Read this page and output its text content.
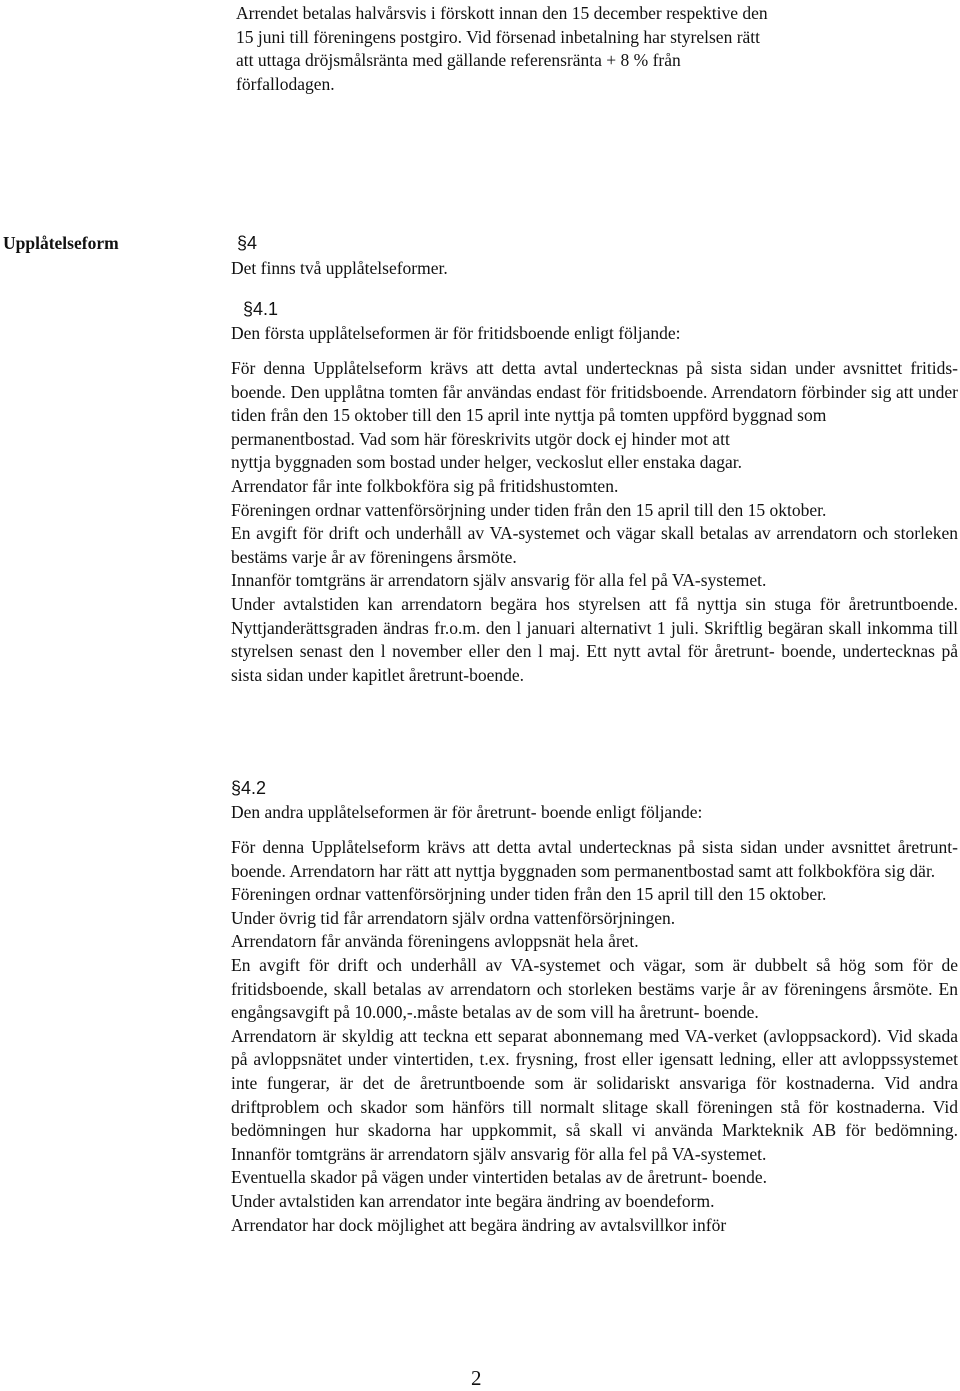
Arrendet betalas halvårsvis i förskott innan den 15 december respektive den

15 juni till föreningens postgiro. Vid försenad inbetalning har styrelsen rätt

att uttaga dröjsmålsränta med gällande referensränta + 8 % från

förfallodagen.

Upplåtelseform	§4
Det finns två upplåtelseformer.
§4.1
Den första upplåtelseformen är för fritidsboende enligt följande:

För denna Upplåtelseform krävs att detta avtal undertecknas på sista sidan under avsnittet fritids- boende. Den upplåtna tomten får användas endast för fritidsboende. Arrendatorn förbinder sig att under tiden från den 15 oktober till den 15 april inte nyttja på tomten uppförd byggnad som

permanentbostad. Vad som här föreskrivits utgör dock ej hinder mot att

nyttja byggnaden som bostad under helger, veckoslut eller enstaka dagar.

Arrendator får inte folkbokföra sig på fritidshustomten.

Föreningen ordnar vattenförsörjning under tiden från den 15 april till den 15 oktober.

En avgift för drift och underhåll av VA-systemet och vägar skall betalas av arrendatorn och storleken bestäms varje år av föreningens årsmöte.

Innanför tomtgräns är arrendatorn själv ansvarig för alla fel på VA-systemet.

Under avtalstiden kan arrendatorn begära hos styrelsen att få nyttja sin stuga för åretruntboende. Nyttjanderättsgraden ändras fr.o.m. den l januari alternativt 1 juli. Skriftlig begäran skall inkomma till styrelsen senast den l november eller den l maj. Ett nytt avtal för åretrunt- boende, undertecknas på sista sidan under kapitlet åretrunt-boende.

§4.2
Den andra upplåtelseformen är för åretrunt- boende enligt följande:

För denna Upplåtelseform krävs att detta avtal undertecknas på sista sidan under avsnittet åretrunt- boende. Arrendatorn har rätt att nyttja byggnaden som permanentbostad samt att folkbokföra sig där.

Föreningen ordnar vattenförsörjning under tiden från den 15 april till den 15 oktober.

Under övrig tid får arrendatorn själv ordna vattenförsörjningen.

Arrendatorn får använda föreningens avloppsnät hela året.

En avgift för drift och underhåll av VA-systemet och vägar, som är dubbelt så hög som för de fritidsboende, skall betalas av arrendatorn och storleken bestäms varje år av föreningens årsmöte. En engångsavgift på 10.000,-.måste betalas av de som vill ha åretrunt- boende.

Arrendatorn är skyldig att teckna ett separat abonnemang med VA-verket (avloppsackord). Vid skada på avloppsnätet under vintertiden, t.ex. frysning, frost eller igensatt ledning, eller att avloppssystemet inte fungerar, är det de åretruntboende som är solidariskt ansvariga för kostnaderna. Vid andra driftproblem och skador som hänförs till normalt slitage skall föreningen stå för kostnaderna. Vid bedömningen hur skadorna har uppkommit, så skall vi använda Markteknik AB för bedömning. Innanför tomtgräns är arrendatorn själv ansvarig för alla fel på VA-systemet.

Eventuella skador på vägen under vintertiden betalas av de åretrunt- boende.

Under avtalstiden kan arrendator inte begära ändring av boendeform.

Arrendator har dock möjlighet att begära ändring av avtalsvillkor inför

2
